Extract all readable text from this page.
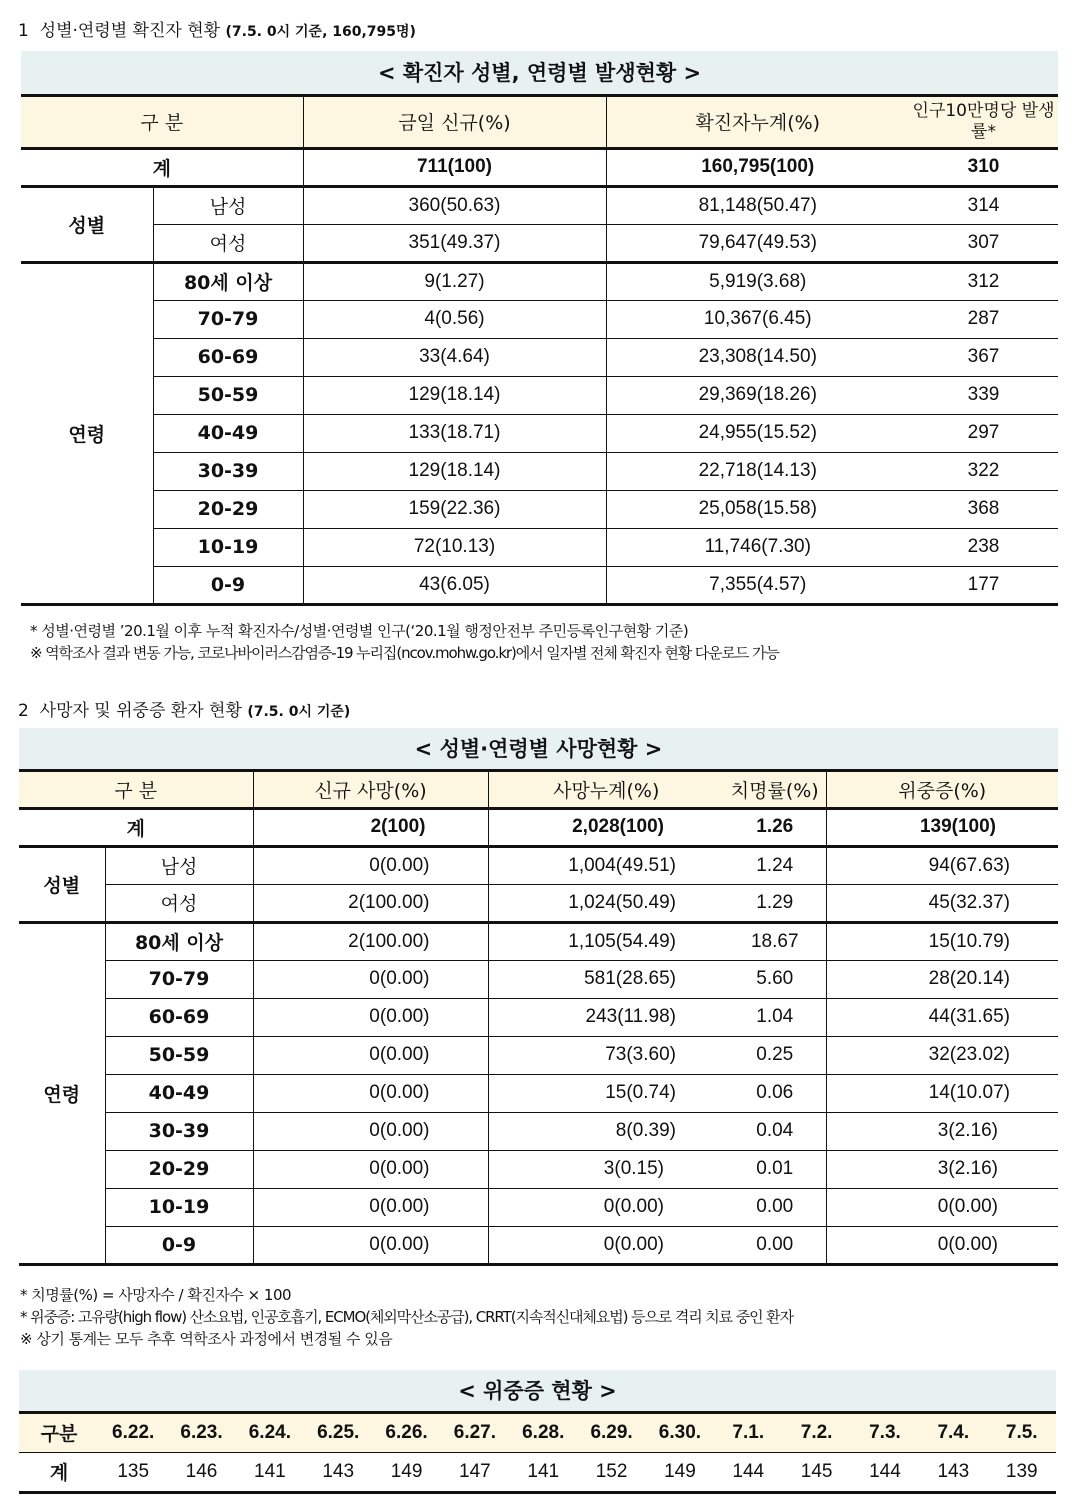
1 성별·연령별 확진자 현황 (7.5. 0시 기준, 160,795명)
< 확진자 성별, 연령별 발생현황 >				
구 분		금일 신규(%)	확진자누계(%)	인구10만명당 발생률*
계		711(100)	160,795(100)	310
성별	남성	360(50.63)	81,148(50.47)	314
	여성	351(49.37)	79,647(49.53)	307
연령	80세 이상	9(1.27)	5,919(3.68)	312
	70-79	4(0.56)	10,367(6.45)	287
	60-69	33(4.64)	23,308(14.50)	367
	50-59	129(18.14)	29,369(18.26)	339
	40-49	133(18.71)	24,955(15.52)	297
	30-39	129(18.14)	22,718(14.13)	322
	20-29	159(22.36)	25,058(15.58)	368
	10-19	72(10.13)	11,746(7.30)	238
	0-9	43(6.05)	7,355(4.57)	177
* 성별·연령별 ’20.1월 이후 누적 확진자수/성별·연령별 인구(‘20.1월 행정안전부 주민등록인구현황 기준)
※ 역학조사 결과 변동 가능, 코로나바이러스감염증-19 누리집(ncov.mohw.go.kr)에서 일자별 전체 확진자 현황 다운로드 가능
2 사망자 및 위중증 환자 현황 (7.5. 0시 기준)
< 성별·연령별 사망현황 >					
구 분		신규 사망(%)	사망누계(%)	치명률(%)	위중증(%)
계		2(100)	2,028(100)	1.26	139(100)
성별	남성	0(0.00)	1,004(49.51)	1.24	94(67.63)
	여성	2(100.00)	1,024(50.49)	1.29	45(32.37)
연령	80세 이상	2(100.00)	1,105(54.49)	18.67	15(10.79)
	70-79	0(0.00)	581(28.65)	5.60	28(20.14)
	60-69	0(0.00)	243(11.98)	1.04	44(31.65)
	50-59	0(0.00)	73(3.60)	0.25	32(23.02)
	40-49	0(0.00)	15(0.74)	0.06	14(10.07)
	30-39	0(0.00)	8(0.39)	0.04	3(2.16)
	20-29	0(0.00)	3(0.15)	0.01	3(2.16)
	10-19	0(0.00)	0(0.00)	0.00	0(0.00)
	0-9	0(0.00)	0(0.00)	0.00	0(0.00)
* 치명률(%) = 사망자수 / 확진자수 × 100
* 위중증: 고유량(high flow) 산소요법, 인공호흡기, ECMO(체외막산소공급), CRRT(지속적신대체요법) 등으로 격리 치료 중인 환자
※ 상기 통계는 모두 추후 역학조사 과정에서 변경될 수 있음
< 위중증 현황 >														
구분	6.22.	6.23.	6.24.	6.25.	6.26.	6.27.	6.28.	6.29.	6.30.	7.1.	7.2.	7.3.	7.4.	7.5.
계	135	146	141	143	149	147	141	152	149	144	145	144	143	139
